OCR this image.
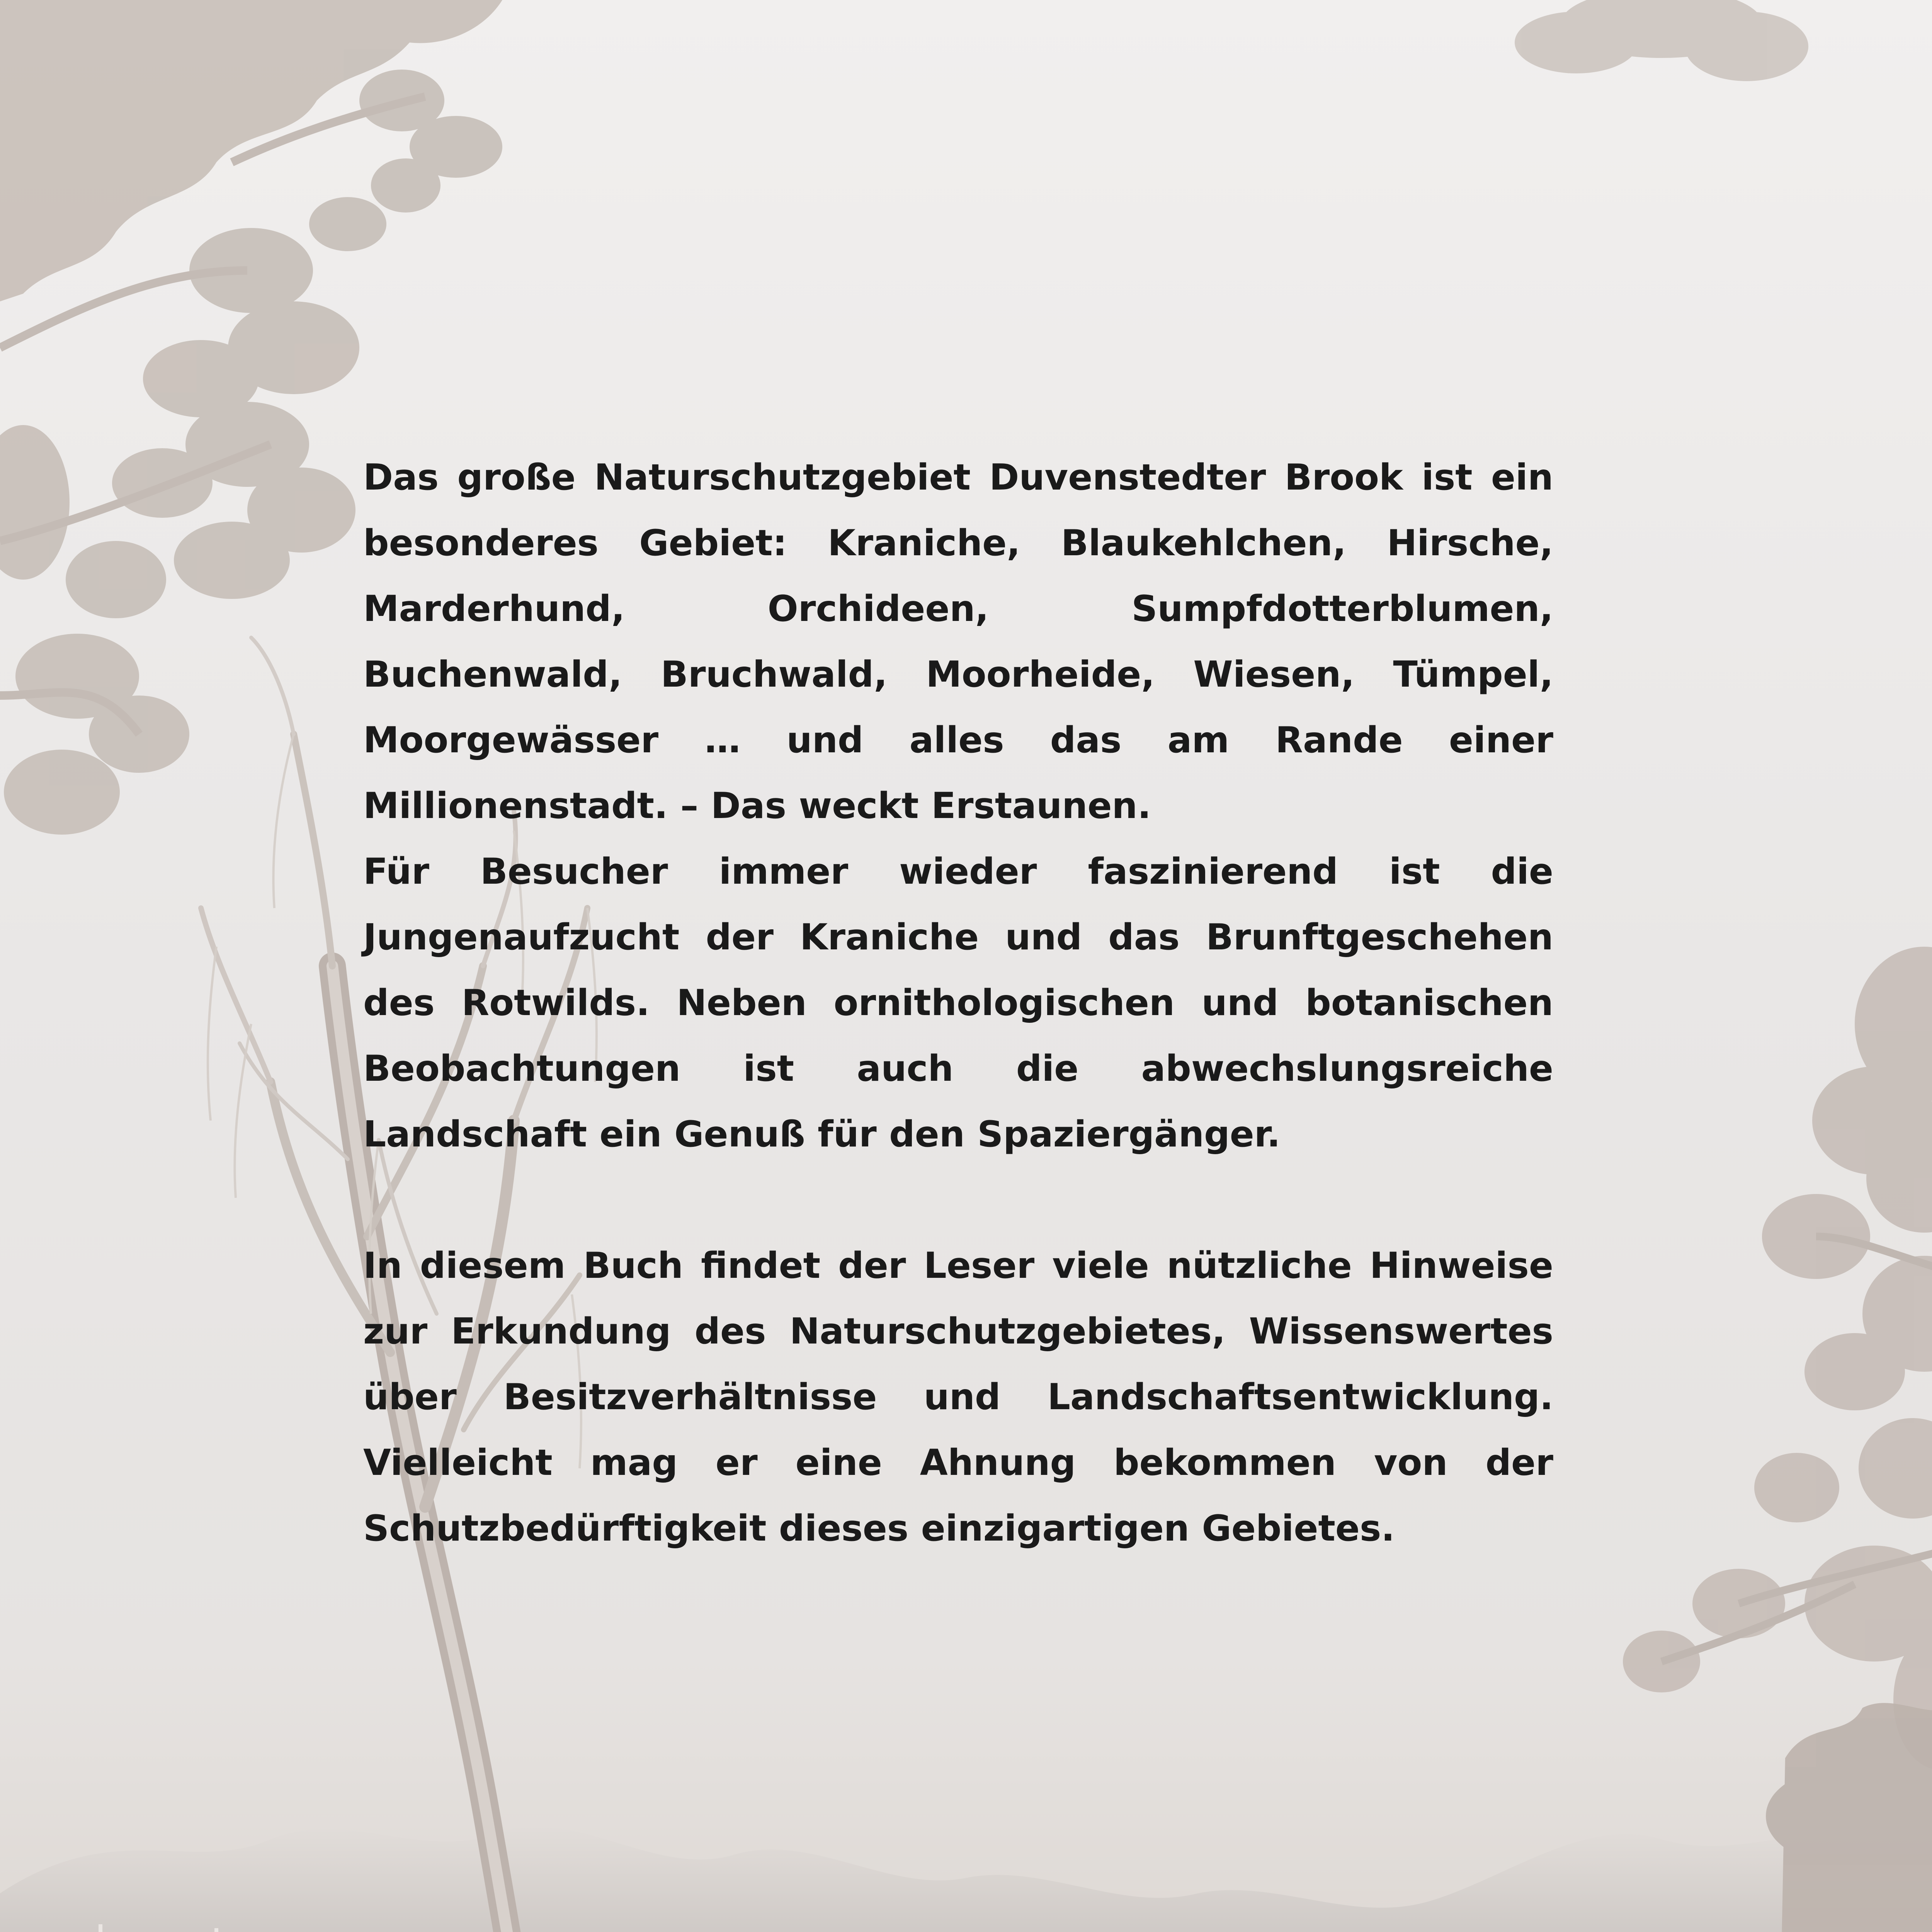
Das große Naturschutzgebiet Duvenstedter Brook ist ein besonderes Gebiet: Kraniche, Blaukehlchen, Hirsche, Marderhund, Orchideen, Sumpfdotterblumen, Buchenwald, Bruchwald, Moorheide, Wiesen, Tümpel, Moorgewässer … und alles das am Rande einer Millionenstadt. – Das weckt Erstaunen.

Für Besucher immer wieder faszinierend ist die Jungenaufzucht der Kraniche und das Brunftgeschehen des Rotwilds. Neben ornithologischen und botanischen Beobachtungen ist auch die abwechslungsreiche Landschaft ein Genuß für den Spaziergänger.

In diesem Buch findet der Leser viele nützliche Hinweise zur Erkundung des Naturschutzgebietes, Wissenswertes über Besitzverhältnisse und Landschaftsentwicklung. Vielleicht mag er eine Ahnung bekommen von der Schutzbedürftigkeit dieses einzigartigen Gebietes.
